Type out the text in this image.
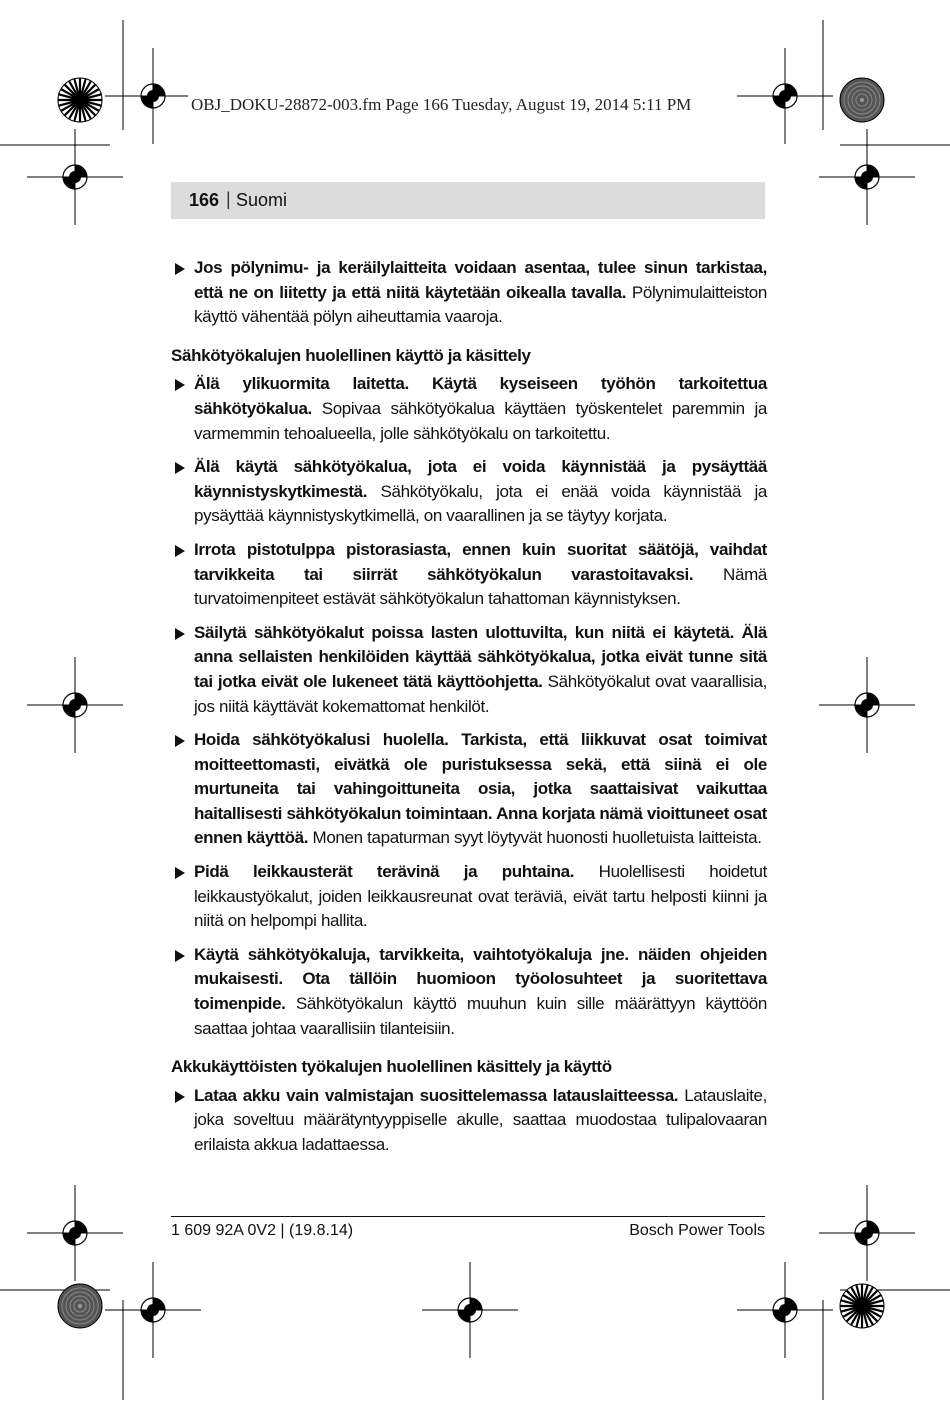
OBJ_DOKU-28872-003.fm Page 166 Tuesday, August 19, 2014 5:11 PM
166 | Suomi
Jos pölynimu- ja keräilylaitteita voidaan asentaa, tulee sinun tarkistaa, että ne on liitetty ja että niitä käytetään oikealla tavalla. Pölynimulaitteiston käyttö vähentää pölyn aiheuttamia vaaroja.
Sähkötyökalujen huolellinen käyttö ja käsittely
Älä ylikuormita laitetta. Käytä kyseiseen työhön tarkoitettua sähkötyökalua. Sopivaa sähkötyökalua käyttäen työskentelet paremmin ja varmemmin tehoalueella, jolle sähkötyökalu on tarkoitettu.
Älä käytä sähkötyökalua, jota ei voida käynnistää ja pysäyttää käynnistyskytkimestä. Sähkötyökalu, jota ei enää voida käynnistää ja pysäyttää käynnistyskytkimellä, on vaarallinen ja se täytyy korjata.
Irrota pistotulppa pistorasiasta, ennen kuin suoritat säätöjä, vaihdat tarvikkeita tai siirrät sähkötyökalun varastoitavaksi. Nämä turvatoimenpiteet estävät sähkötyökalun tahattoman käynnistyksen.
Säilytä sähkötyökalut poissa lasten ulottuvilta, kun niitä ei käytetä. Älä anna sellaisten henkilöiden käyttää sähkötyökalua, jotka eivät tunne sitä tai jotka eivät ole lukeneet tätä käyttöohjetta. Sähkötyökalut ovat vaarallisia, jos niitä käyttävät kokemattomat henkilöt.
Hoida sähkötyökalusi huolella. Tarkista, että liikkuvat osat toimivat moitteettomasti, eivätkä ole puristuksessa sekä, että siinä ei ole murtuneita tai vahingoittuneita osia, jotka saattaisivat vaikuttaa haitallisesti sähkötyökalun toimintaan. Anna korjata nämä vioittuneet osat ennen käyttöä. Monen tapaturman syyt löytyvät huonosti huolletuista laitteista.
Pidä leikkausterät terävinä ja puhtaina. Huolellisesti hoidetut leikkaustyökalut, joiden leikkausreunat ovat teräviä, eivät tartu helposti kiinni ja niitä on helpompi hallita.
Käytä sähkötyökaluja, tarvikkeita, vaihtotyökaluja jne. näiden ohjeiden mukaisesti. Ota tällöin huomioon työolosuhteet ja suoritettava toimenpide. Sähkötyökalun käyttö muuhun kuin sille määrättyyn käyttöön saattaa johtaa vaarallisiin tilanteisiin.
Akkukäyttöisten työkalujen huolellinen käsittely ja käyttö
Lataa akku vain valmistajan suosittelemassa latauslaitteessa. Latauslaite, joka soveltuu määrätyntyyppiselle akulle, saattaa muodostaa tulipalovaaran erilaista akkua ladattaessa.
1 609 92A 0V2 | (19.8.14)	Bosch Power Tools
